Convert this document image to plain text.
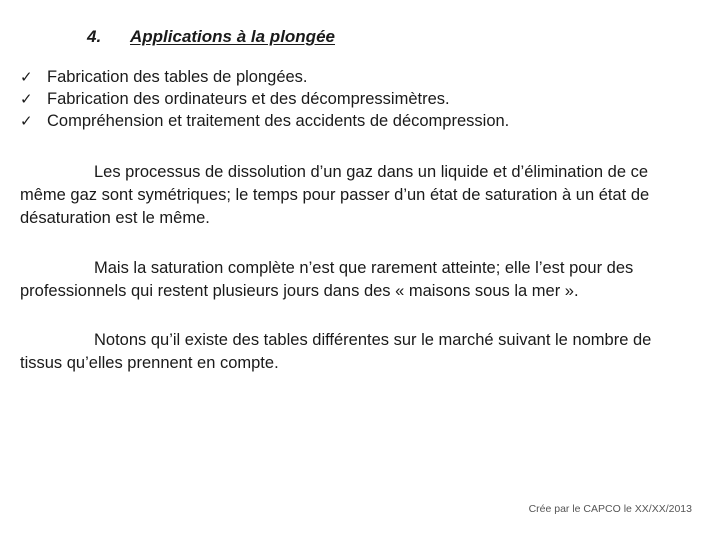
4.	Applications à la plongée
✓ Fabrication des tables de plongées.
✓ Fabrication des ordinateurs et des décompressimètres.
✓ Compréhension et traitement des accidents de décompression.

Les processus de dissolution d’un gaz dans un liquide et d’élimination de ce même gaz sont symétriques; le temps pour passer d’un état de saturation à un état de désaturation est le même.

Mais la saturation complète n’est que rarement atteinte; elle l’est pour des professionnels qui restent plusieurs jours dans des « maisons sous la mer ».

Notons qu’il existe des tables différentes sur le marché suivant le nombre de tissus qu’elles prennent en compte.

Crée par le CAPCO le XX/XX/2013
